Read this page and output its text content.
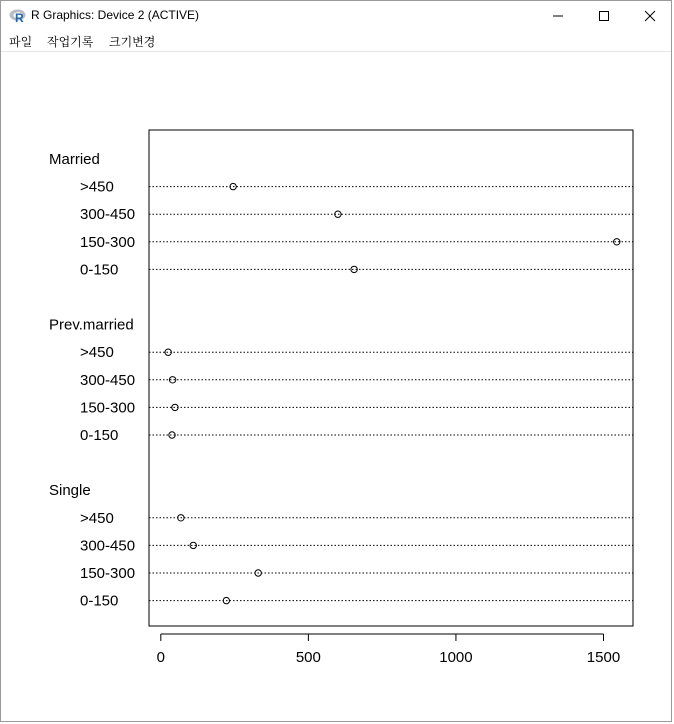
R R Graphics: Device 2 (ACTIVE)
파일 작업기록 크기변경
Married
>450
300-450
150-300
0-150
Prev.married
>450
300-450
150-300
0-150
Single
>450
300-450
150-300
0-150
0	500	1000	1500
